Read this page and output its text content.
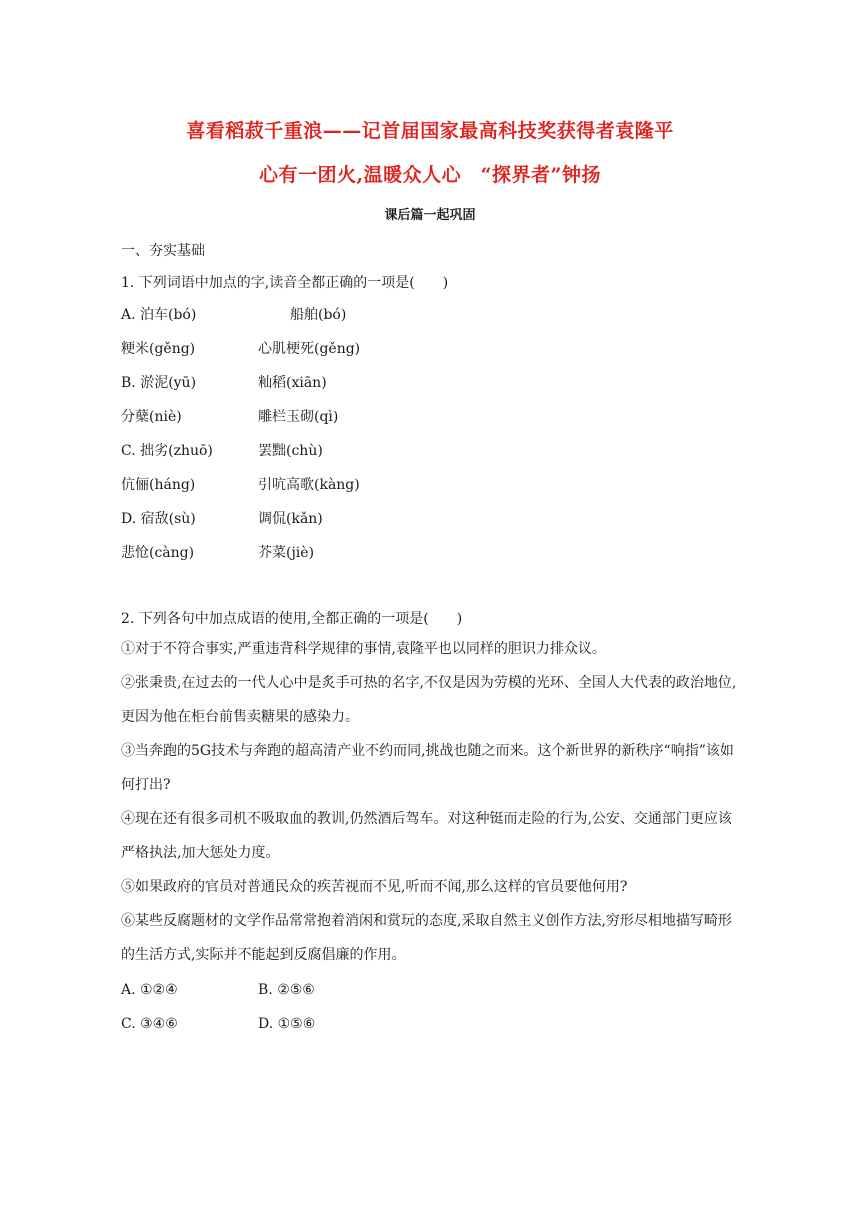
喜看稻菽千重浪——记首届国家最高科技奖获得者袁隆平
心有一团火,温暖众人心　“探界者”钟扬
课后篇一起巩固
一、夯实基础
1. 下列词语中加点的字,读音全都正确的一项是(　　)
A. 泊车(bó)	船舶(bó)
粳米(gěng)	心肌梗死(gěng)
B. 淤泥(yū)	籼稻(xiān)
分蘖(niè)	雕栏玉砌(qì)
C. 拙劣(zhuō)	罢黜(chù)
伉俪(háng)	引吭高歌(kàng)
D. 宿敌(sù)	调侃(kǎn)
悲怆(càng)	芥菜(jiè)
2. 下列各句中加点成语的使用,全都正确的一项是(　　)
①对于不符合事实,严重违背科学规律的事情,袁隆平也以同样的胆识力排众议。
②张秉贵,在过去的一代人心中是炙手可热的名字,不仅是因为劳模的光环、全国人大代表的政治地位,更因为他在柜台前售卖糖果的感染力。
③当奔跑的5G技术与奔跑的超高清产业不约而同,挑战也随之而来。这个新世界的新秩序“响指”该如何打出?
④现在还有很多司机不吸取血的教训,仍然酒后驾车。对这种铤而走险的行为,公安、交通部门更应该严格执法,加大惩处力度。
⑤如果政府的官员对普通民众的疾苦视而不见,听而不闻,那么这样的官员要他何用?
⑥某些反腐题材的文学作品常常抱着消闲和赏玩的态度,采取自然主义创作方法,穷形尽相地描写畸形的生活方式,实际并不能起到反腐倡廉的作用。
A. ①②④	B. ②⑤⑥
C. ③④⑥	D. ①⑤⑥
